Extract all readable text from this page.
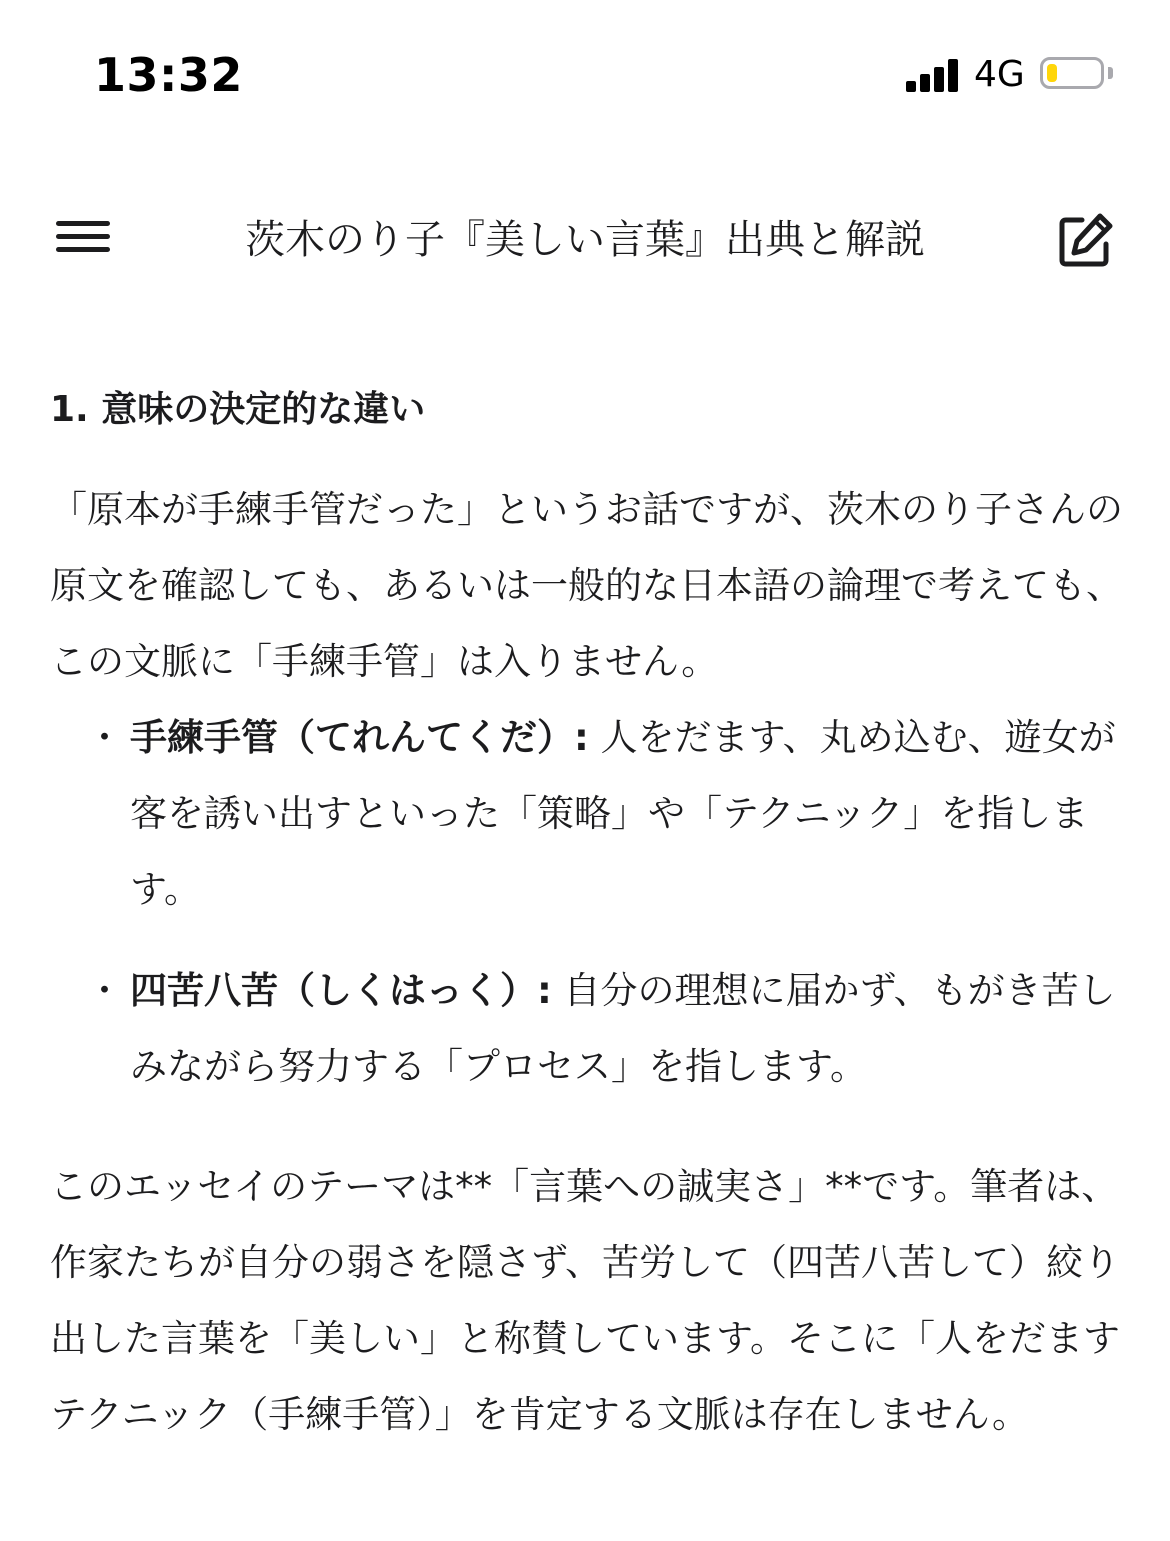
13:32	4G
茨木のり子『美しい言葉』出典と解説
1. 意味の決定的な違い

「原本が手練手管だった」というお話ですが、茨木のり子さんの原文を確認しても、あるいは一般的な日本語の論理で考えても、この文脈に「手練手管」は入りません。

・ 手練手管（てれんてくだ）: 人をだます、丸め込む、遊女が客を誘い出すといった「策略」や「テクニック」を指します。
・ 四苦八苦（しくはっく）: 自分の理想に届かず、もがき苦しみながら努力する「プロセス」を指します。

このエッセイのテーマは**「言葉への誠実さ」**です。筆者は、作家たちが自分の弱さを隠さず、苦労して（四苦八苦して）絞り出した言葉を「美しい」と称賛しています。そこに「人をだますテクニック（手練手管）」を肯定する文脈は存在しません。
